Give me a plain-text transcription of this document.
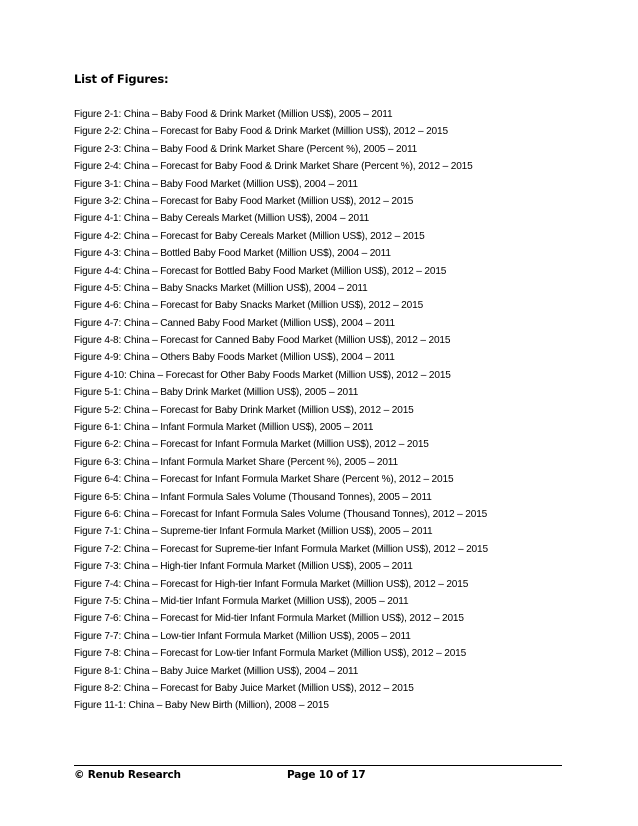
List of Figures:
Figure 2-1: China – Baby Food & Drink Market (Million US$), 2005 – 2011
Figure 2-2: China – Forecast for Baby Food & Drink Market (Million US$), 2012 – 2015
Figure 2-3: China – Baby Food & Drink Market Share (Percent %), 2005 – 2011
Figure 2-4: China – Forecast for Baby Food & Drink Market Share (Percent %), 2012 – 2015
Figure 3-1: China – Baby Food Market (Million US$), 2004 – 2011
Figure 3-2: China – Forecast for Baby Food Market (Million US$), 2012 – 2015
Figure 4-1: China – Baby Cereals Market (Million US$), 2004 – 2011
Figure 4-2: China – Forecast for Baby Cereals Market (Million US$), 2012 – 2015
Figure 4-3: China – Bottled Baby Food Market (Million US$), 2004 – 2011
Figure 4-4: China – Forecast for Bottled Baby Food Market (Million US$), 2012 – 2015
Figure 4-5: China – Baby Snacks Market (Million US$), 2004 – 2011
Figure 4-6: China – Forecast for Baby Snacks Market (Million US$), 2012 – 2015
Figure 4-7: China – Canned Baby Food Market (Million US$), 2004 – 2011
Figure 4-8: China – Forecast for Canned Baby Food Market (Million US$), 2012 – 2015
Figure 4-9: China – Others Baby Foods Market (Million US$), 2004 – 2011
Figure 4-10: China – Forecast for Other Baby Foods Market (Million US$), 2012 – 2015
Figure 5-1: China – Baby Drink Market (Million US$), 2005 – 2011
Figure 5-2: China – Forecast for Baby Drink Market (Million US$), 2012 – 2015
Figure 6-1: China – Infant Formula Market (Million US$), 2005 – 2011
Figure 6-2: China – Forecast for Infant Formula Market (Million US$), 2012 – 2015
Figure 6-3: China – Infant Formula Market Share (Percent %), 2005 – 2011
Figure 6-4: China – Forecast for Infant Formula Market Share (Percent %), 2012 – 2015
Figure 6-5: China – Infant Formula Sales Volume (Thousand Tonnes), 2005 – 2011
Figure 6-6: China – Forecast for Infant Formula Sales Volume (Thousand Tonnes), 2012 – 2015
Figure 7-1: China – Supreme-tier Infant Formula Market (Million US$), 2005 – 2011
Figure 7-2: China – Forecast for Supreme-tier Infant Formula Market (Million US$), 2012 – 2015
Figure 7-3: China – High-tier Infant Formula Market (Million US$), 2005 – 2011
Figure 7-4: China – Forecast for High-tier Infant Formula Market (Million US$), 2012 – 2015
Figure 7-5: China – Mid-tier Infant Formula Market (Million US$), 2005 – 2011
Figure 7-6: China – Forecast for Mid-tier Infant Formula Market (Million US$), 2012 – 2015
Figure 7-7: China – Low-tier Infant Formula Market (Million US$), 2005 – 2011
Figure 7-8: China – Forecast for Low-tier Infant Formula Market (Million US$), 2012 – 2015
Figure 8-1: China – Baby Juice Market (Million US$), 2004 – 2011
Figure 8-2: China – Forecast for Baby Juice Market (Million US$), 2012 – 2015
Figure 11-1: China – Baby New Birth (Million), 2008 – 2015
© Renub Research	Page 10 of 17
